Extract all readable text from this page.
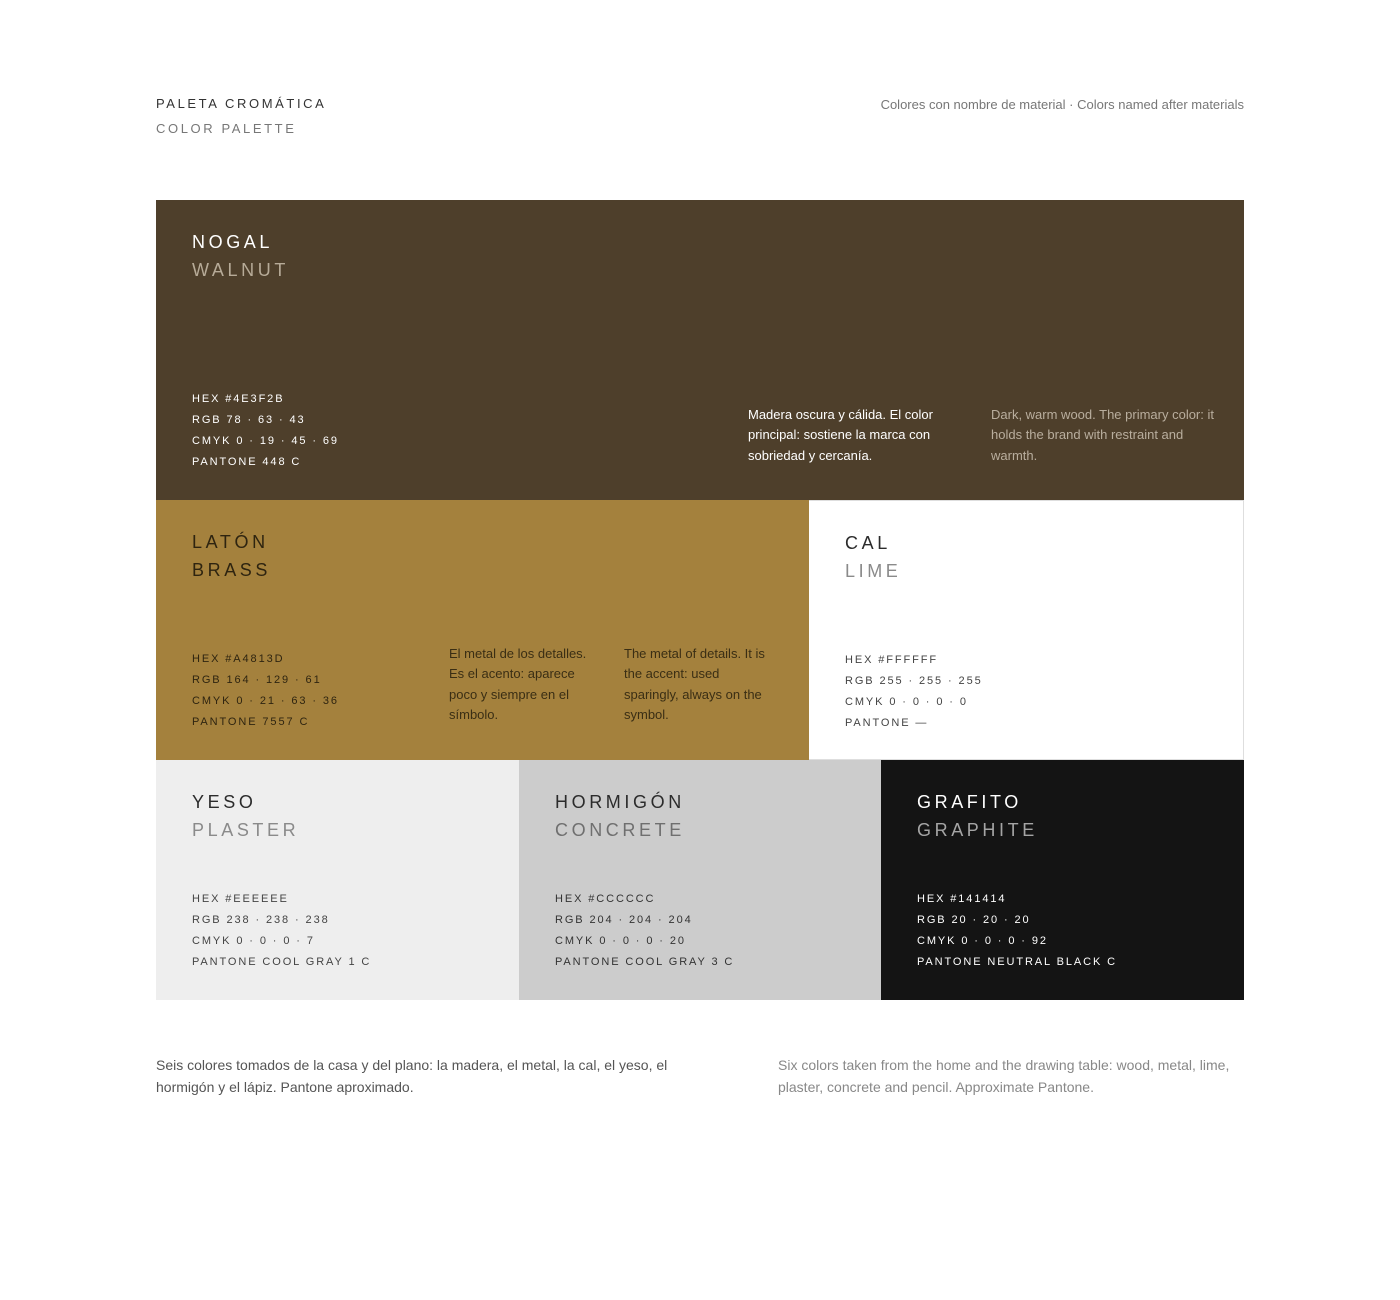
PALETA CROMÁTICA
COLOR PALETTE
Colores con nombre de material · Colors named after materials
NOGAL
WALNUT
HEX #4E3F2B
RGB 78 · 63 · 43
CMYK 0 · 19 · 45 · 69
PANTONE 448 C

Madera oscura y cálida. El color principal: sostiene la marca con sobriedad y cercanía.

Dark, warm wood. The primary color: it holds the brand with restraint and warmth.

LATÓN
BRASS
HEX #A4813D
RGB 164 · 129 · 61
CMYK 0 · 21 · 63 · 36
PANTONE 7557 C

El metal de los detalles. Es el acento: aparece poco y siempre en el símbolo.

The metal of details. It is the accent: used sparingly, always on the symbol.

CAL
LIME
HEX #FFFFFF
RGB 255 · 255 · 255
CMYK 0 · 0 · 0 · 0
PANTONE —
YESO
PLASTER
HEX #EEEEEE
RGB 238 · 238 · 238
CMYK 0 · 0 · 0 · 7
PANTONE COOL GRAY 1 C
HORMIGÓN
CONCRETE
HEX #CCCCCC
RGB 204 · 204 · 204
CMYK 0 · 0 · 0 · 20
PANTONE COOL GRAY 3 C
GRAFITO
GRAPHITE
HEX #141414
RGB 20 · 20 · 20
CMYK 0 · 0 · 0 · 92
PANTONE NEUTRAL BLACK C

Seis colores tomados de la casa y del plano: la madera, el metal, la cal, el yeso, el hormigón y el lápiz. Pantone aproximado.

Six colors taken from the home and the drawing table: wood, metal, lime, plaster, concrete and pencil. Approximate Pantone.
